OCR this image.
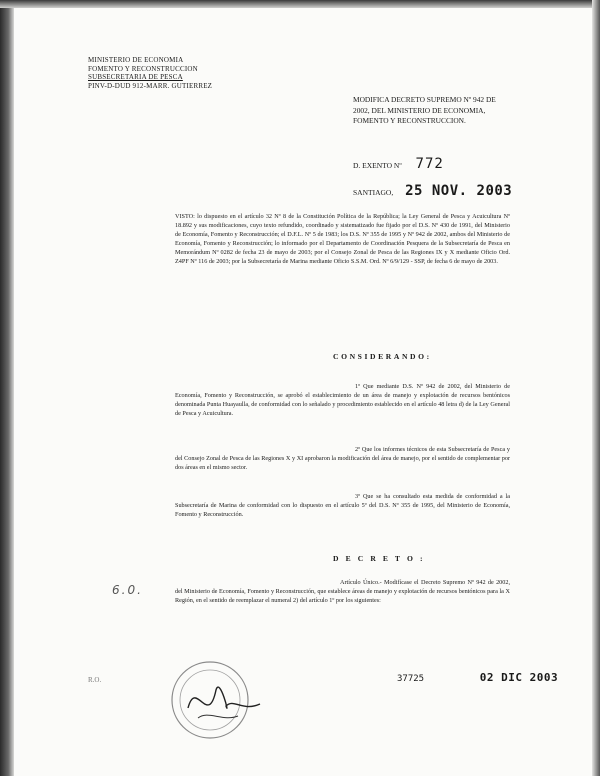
MINISTERIO DE ECONOMIA
FOMENTO Y RECONSTRUCCION
SUBSECRETARIA DE PESCA
PINV-D-DUD 912-MARR. GUTIERREZ
MODIFICA DECRETO SUPREMO Nº 942 DE 2002, DEL MINISTERIO DE ECONOMIA, FOMENTO Y RECONSTRUCCION.
D. EXENTO Nº 772
SANTIAGO, 25 NOV. 2003
VISTO: lo dispuesto en el artículo 32 Nº 8 de la Constitución Política de la República; la Ley General de Pesca y Acuicultura Nº 18.892 y sus modificaciones, cuyo texto refundido, coordinado y sistematizado fue fijado por el D.S. Nº 430 de 1991, del Ministerio de Economía, Fomento y Reconstrucción; el D.F.L. Nº 5 de 1983; los D.S. Nº 355 de 1995 y Nº 942 de 2002, ambos del Ministerio de Economía, Fomento y Reconstrucción; lo informado por el Departamento de Coordinación Pesquera de la Subsecretaría de Pesca en Memorándum Nº 0282 de fecha 23 de mayo de 2003; por el Consejo Zonal de Pesca de las Regiones IX y X mediante Oficio Ord. Z4PF Nº 116 de 2003; por la Subsecretaría de Marina mediante Oficio S.S.M. Ord. Nº 6/9/129 - SSP, de fecha 6 de mayo de 2003.
CONSIDERANDO:
1º Que mediante D.S. Nº 942 de 2002, del Ministerio de Economía, Fomento y Reconstrucción, se aprobó el establecimiento de un área de manejo y explotación de recursos bentónicos denominada Punta Huayaulla, de conformidad con lo señalado y procedimiento establecido en el artículo 48 letra d) de la Ley General de Pesca y Acuicultura.
2º Que los informes técnicos de esta Subsecretaría de Pesca y del Consejo Zonal de Pesca de las Regiones X y XI aprobaron la modificación del área de manejo, por el sentido de complementar por dos áreas en el mismo sector.
3º Que se ha consultado esta medida de conformidad a la Subsecretaría de Marina de conformidad con lo dispuesto en el artículo 5º del D.S. Nº 355 de 1995, del Ministerio de Economía, Fomento y Reconstrucción.
D E C R E T O :
Artículo Único.- Modifícase el Decreto Supremo Nº 942 de 2002, del Ministerio de Economía, Fomento y Reconstrucción, que establece áreas de manejo y explotación de recursos bentónicos para la X Región, en el sentido de reemplazar el numeral 2) del artículo 1º por los siguientes:
6.0.
R.O.	37725	02 DIC 2003
